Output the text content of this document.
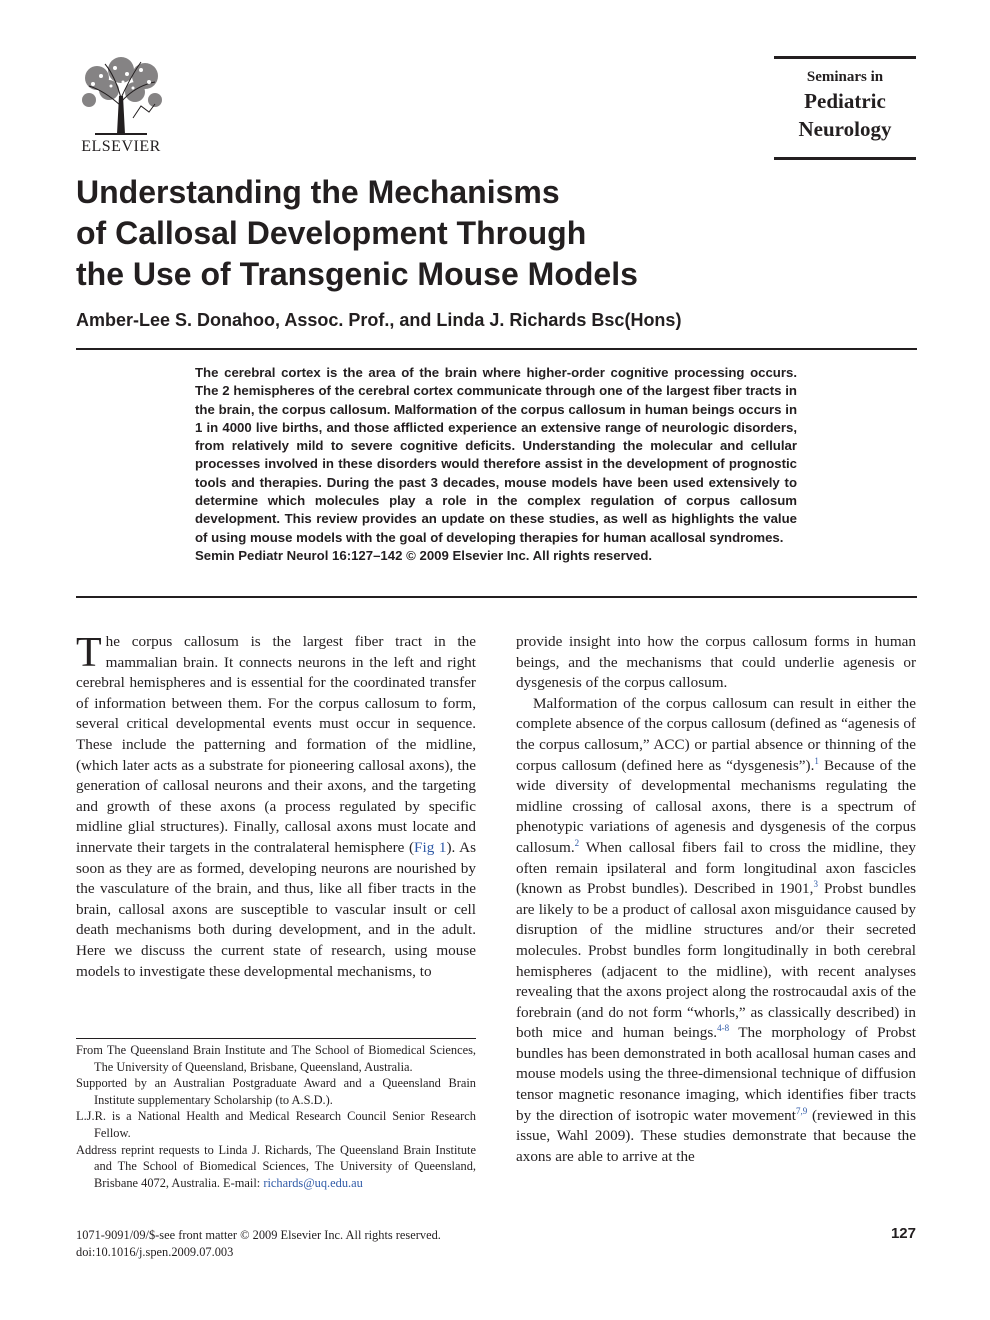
ELSEVIER
Seminars in
Pediatric
Neurology
Understanding the Mechanisms
of Callosal Development Through
the Use of Transgenic Mouse Models
Amber-Lee S. Donahoo, Assoc. Prof., and Linda J. Richards Bsc(Hons)
The cerebral cortex is the area of the brain where higher-order cognitive processing occurs. The 2 hemispheres of the cerebral cortex communicate through one of the largest fiber tracts in the brain, the corpus callosum. Malformation of the corpus callosum in human beings occurs in 1 in 4000 live births, and those afflicted experience an extensive range of neurologic disorders, from relatively mild to severe cognitive deficits. Understanding the molecular and cellular processes involved in these disorders would therefore assist in the development of prognostic tools and therapies. During the past 3 decades, mouse models have been used extensively to determine which molecules play a role in the complex regulation of corpus callosum development. This review provides an update on these studies, as well as highlights the value of using mouse models with the goal of developing therapies for human acallosal syndromes.
Semin Pediatr Neurol 16:127–142 © 2009 Elsevier Inc. All rights reserved.

The corpus callosum is the largest fiber tract in the mammalian brain. It connects neurons in the left and right cerebral hemispheres and is essential for the coordinated transfer of information between them. For the corpus callosum to form, several critical developmental events must occur in sequence. These include the patterning and formation of the midline, (which later acts as a substrate for pioneering callosal axons), the generation of callosal neurons and their axons, and the targeting and growth of these axons (a process regulated by specific midline glial structures). Finally, callosal axons must locate and innervate their targets in the contralateral hemisphere (Fig 1). As soon as they are as formed, developing neurons are nourished by the vasculature of the brain, and thus, like all fiber tracts in the brain, callosal axons are susceptible to vascular insult or cell death mechanisms both during development, and in the adult. Here we discuss the current state of research, using mouse models to investigate these developmental mechanisms, to

provide insight into how the corpus callosum forms in human beings, and the mechanisms that could underlie agenesis or dysgenesis of the corpus callosum.

Malformation of the corpus callosum can result in either the complete absence of the corpus callosum (defined as “agenesis of the corpus callosum,” ACC) or partial absence or thinning of the corpus callosum (defined here as “dysgenesis”).$^1$ Because of the wide diversity of developmental mechanisms regulating the midline crossing of callosal axons, there is a spectrum of phenotypic variations of agenesis and dysgenesis of the corpus callosum.$^2$ When callosal fibers fail to cross the midline, they often remain ipsilateral and form longitudinal axon fascicles (known as Probst bundles). Described in 1901,$^3$ Probst bundles are likely to be a product of callosal axon misguidance caused by disruption of the midline structures and/or their secreted molecules. Probst bundles form longitudinally in both cerebral hemispheres (adjacent to the midline), with recent analyses revealing that the axons project along the rostrocaudal axis of the forebrain (and do not form “whorls,” as classically described) in both mice and human beings.$^{4-8}$ The morphology of Probst bundles has been demonstrated in both acallosal human cases and mouse models using the three-dimensional technique of diffusion tensor magnetic resonance imaging, which identifies fiber tracts by the direction of isotropic water movement$^{7,9}$ (reviewed in this issue, Wahl 2009). These studies demonstrate that because the axons are able to arrive at the

From The Queensland Brain Institute and The School of Biomedical Sciences, The University of Queensland, Brisbane, Queensland, Australia.
Supported by an Australian Postgraduate Award and a Queensland Brain Institute supplementary Scholarship (to A.S.D.).
L.J.R. is a National Health and Medical Research Council Senior Research Fellow.
Address reprint requests to Linda J. Richards, The Queensland Brain Institute and The School of Biomedical Sciences, The University of Queensland, Brisbane 4072, Australia. E-mail: richards@uq.edu.au
1071-9091/09/$-see front matter © 2009 Elsevier Inc. All rights reserved.
doi:10.1016/j.spen.2009.07.003
127
